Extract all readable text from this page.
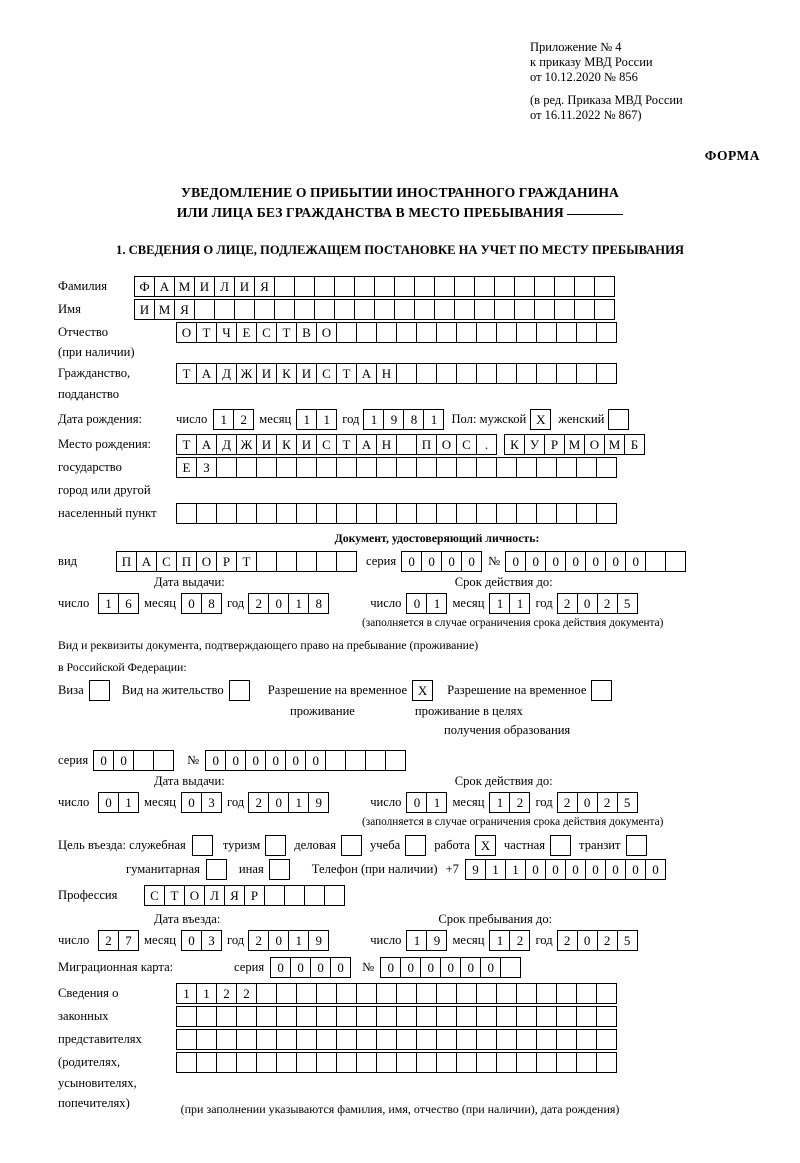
Приложение № 4
к приказу МВД России
от 10.12.2020 № 856
(в ред. Приказа МВД России
от 16.11.2022 № 867)
ФОРМА
УВЕДОМЛЕНИЕ О ПРИБЫТИИ ИНОСТРАННОГО ГРАЖДАНИНА
ИЛИ ЛИЦА БЕЗ ГРАЖДАНСТВА В МЕСТО ПРЕБЫВАНИЯ
1. СВЕДЕНИЯ О ЛИЦЕ, ПОДЛЕЖАЩЕМ ПОСТАНОВКЕ НА УЧЕТ ПО МЕСТУ ПРЕБЫВАНИЯ
Фамилия	Ф А М И Л И Я
Имя	И М Я
Отчество	О Т Ч Е С Т В О
(при наличии)
Гражданство,	Т А Д Ж И К И С Т А Н
подданство
Дата рождения:	число	1	2 месяц 1	1 год 1	9	8	1	Пол: мужской X	женский
Место рождения:	Т А Д Ж И К И С Т А Н	П О С	.	К У Р М О М Б
государство	Е З
город или другой
населенный пункт
Документ, удостоверяющий личность:
вид	П А С П О Р Т	серия 0	0	0	0	№ 0	0	0	0	0	0	0
Дата выдачи:	Срок действия до:
число	1	6 месяц 0	8 год 2	0	1	8	число 0	1 месяц 1	1 год 2	0	2	5
(заполняется в случае ограничения срока действия документа)
Вид и реквизиты документа, подтверждающего право на пребывание (проживание)
в Российской Федерации:
Виза	Вид на жительство	Разрешение на временное X	Разрешение на временное
проживание	проживание в целях
получения образования
серия 0	0	№	0	0	0	0	0	0
Дата выдачи:	Срок действия до:
число	0	1 месяц 0	3 год 2	0	1	9	число 0	1 месяц 1	2 год 2	0	2	5
(заполняется в случае ограничения срока действия документа)
Цель въезда: служебная	туризм	деловая	учеба	работа X	частная	транзит
гуманитарная	иная	Телефон (при наличии) +7	9	1	1	0	0	0	0	0	0	0
Профессия	С Т О Л Я Р
Дата въезда:	Срок пребывания до:
число	2	7 месяц 0	3 год 2	0	1	9	число 1	9 месяц 1	2 год 2	0	2	5
Миграционная карта:	серия	0	0	0	0	№	0	0	0	0	0	0
Сведения о	1	1	2	2
законных
представителях
(родителях,
усыновителях,
попечителях)	(при заполнении указываются фамилия, имя, отчество (при наличии), дата рождения)
